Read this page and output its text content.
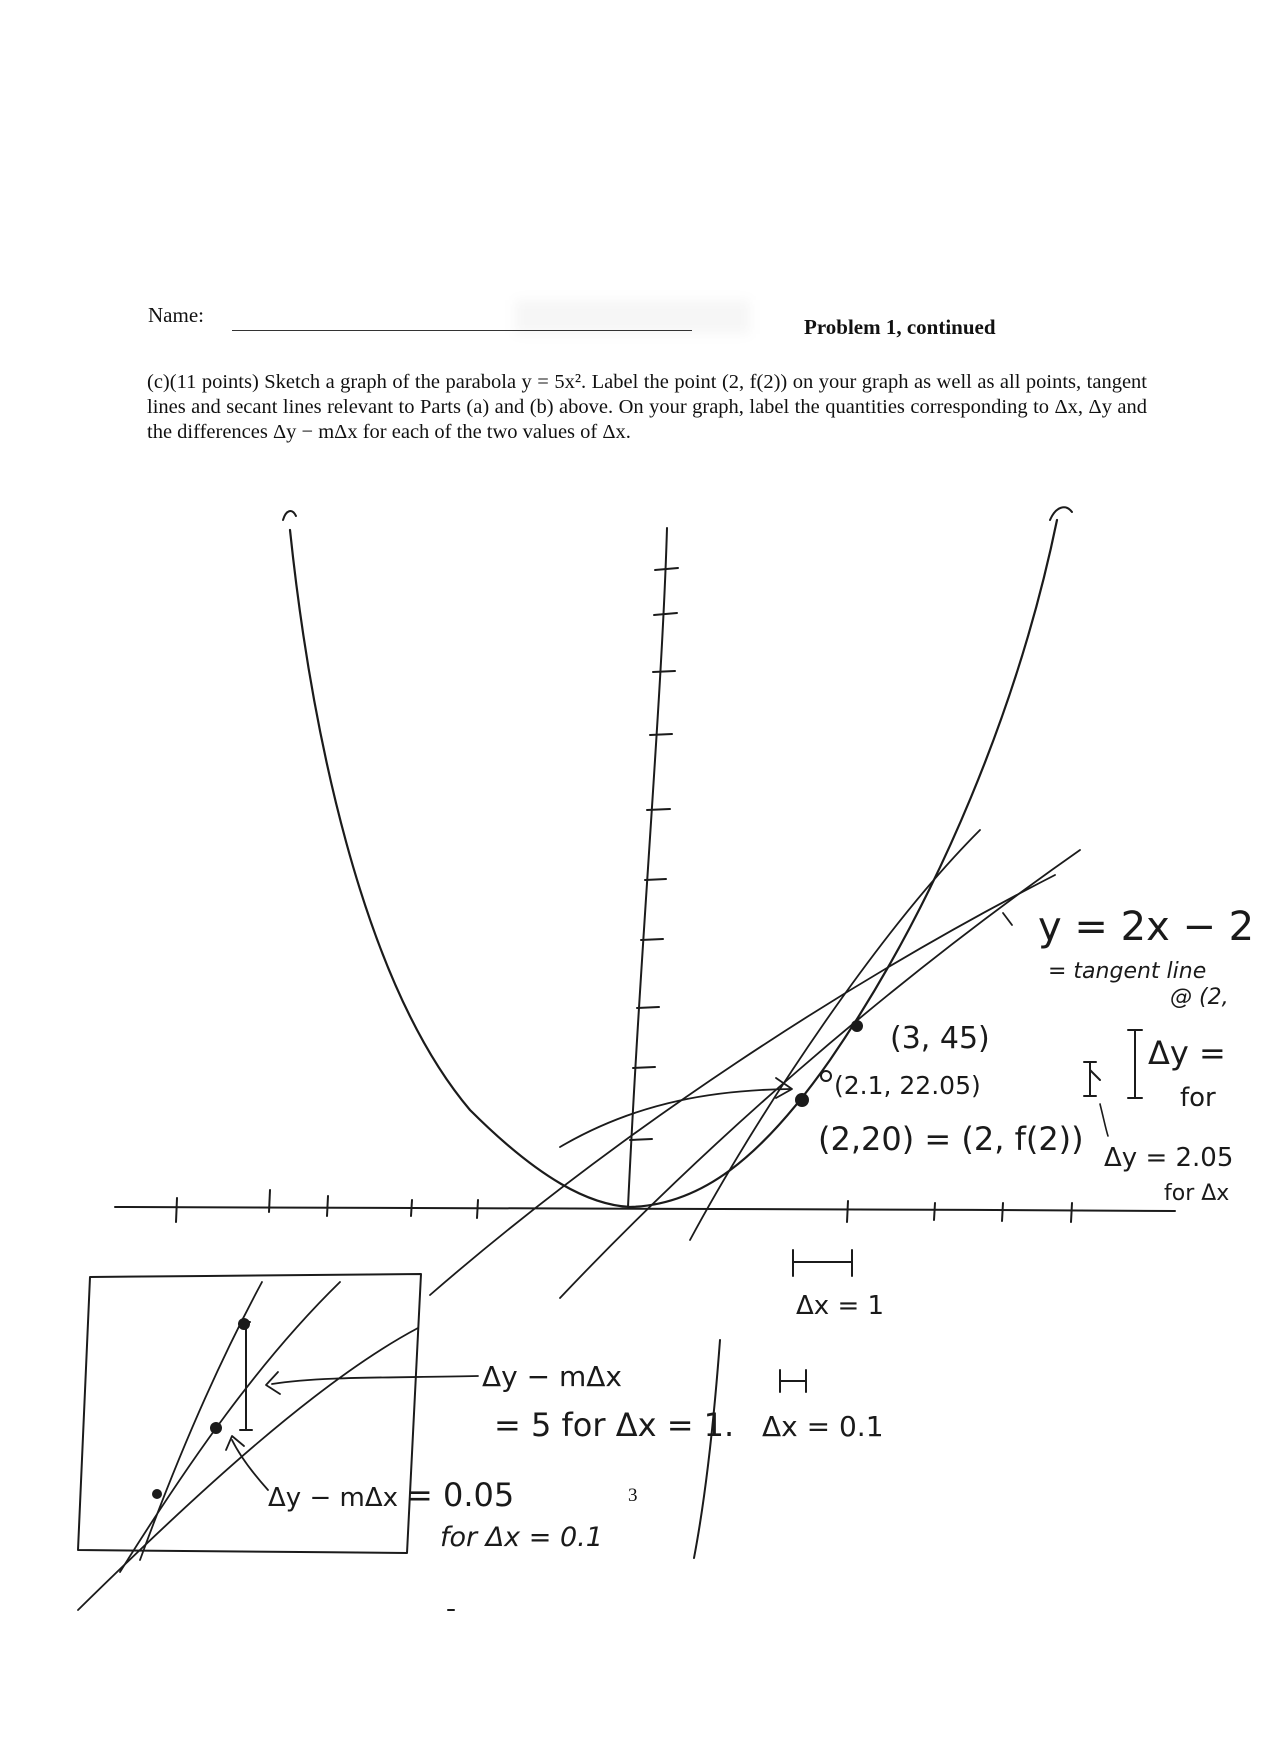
Name:	Problem 1, continued
(c)(11 points) Sketch a graph of the parabola y = 5x². Label the point (2, f(2)) on your graph as well as all points, tangent lines and secant lines relevant to Parts (a) and (b) above. On your graph, label the quantities corresponding to Δx, Δy and the differences Δy − mΔx for each of the two values of Δx.
y = 2x − 2
= tangent line
@ (2,
(3, 45)
(2.1, 22.05)
(2,20) = (2, f(2))
Δy =
for
Δy = 2.05
for Δx
Δx = 1
Δx = 0.1
Δy − mΔx
= 5 for Δx = 1.
Δy − mΔx = 0.05
for Δx = 0.1
3
